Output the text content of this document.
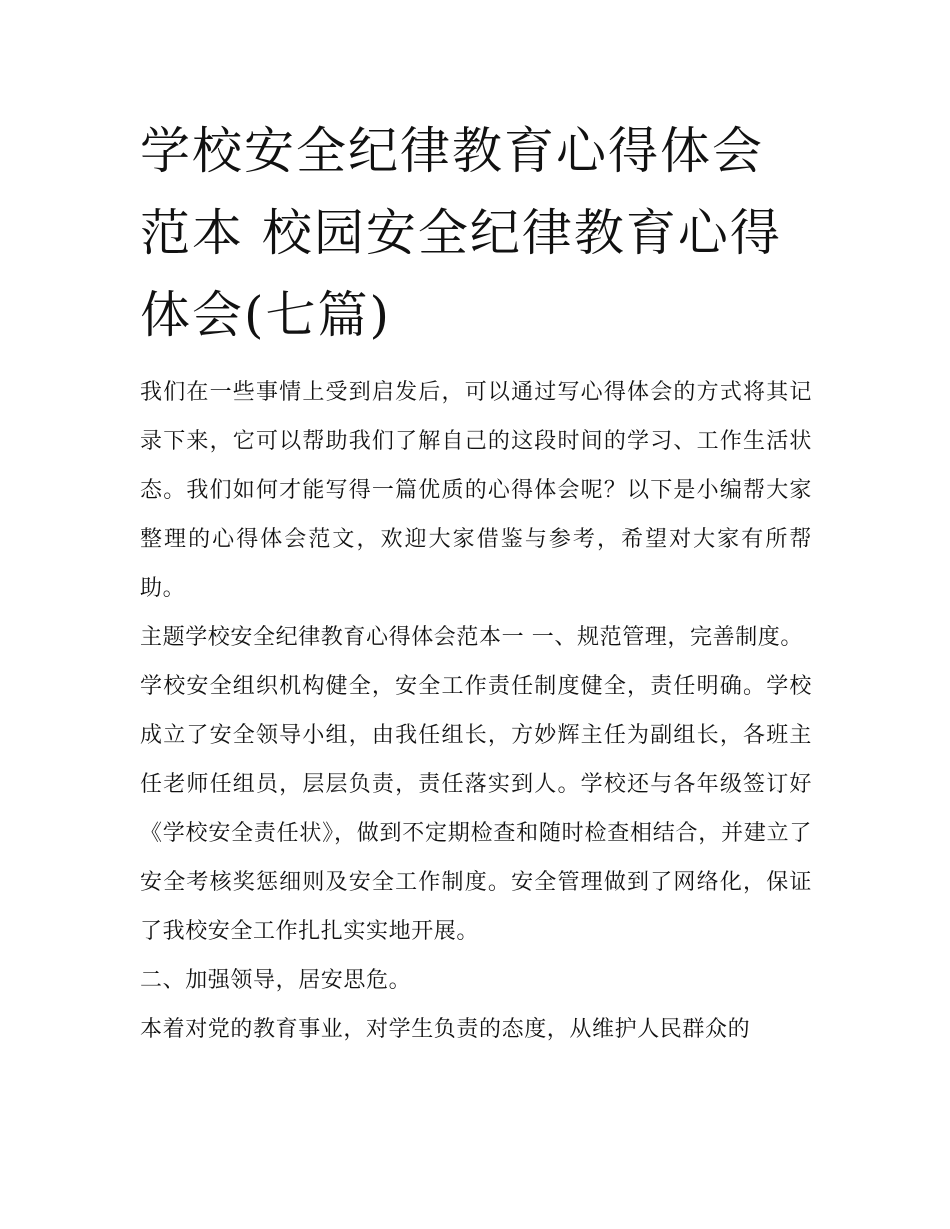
学校安全纪律教育心得体会范本 校园安全纪律教育心得体会(七篇)

我们在一些事情上受到启发后，可以通过写心得体会的方式将其记录下来，它可以帮助我们了解自己的这段时间的学习、工作生活状态。我们如何才能写得一篇优质的心得体会呢？以下是小编帮大家整理的心得体会范文，欢迎大家借鉴与参考，希望对大家有所帮助。

主题学校安全纪律教育心得体会范本一 一、规范管理，完善制度。

学校安全组织机构健全，安全工作责任制度健全，责任明确。学校成立了安全领导小组，由我任组长，方妙辉主任为副组长，各班主任老师任组员，层层负责，责任落实到人。学校还与各年级签订好《学校安全责任状》，做到不定期检查和随时检查相结合，并建立了安全考核奖惩细则及安全工作制度。安全管理做到了网络化，保证了我校安全工作扎扎实实地开展。

二、加强领导，居安思危。

本着对党的教育事业，对学生负责的态度，从维护人民群众的
